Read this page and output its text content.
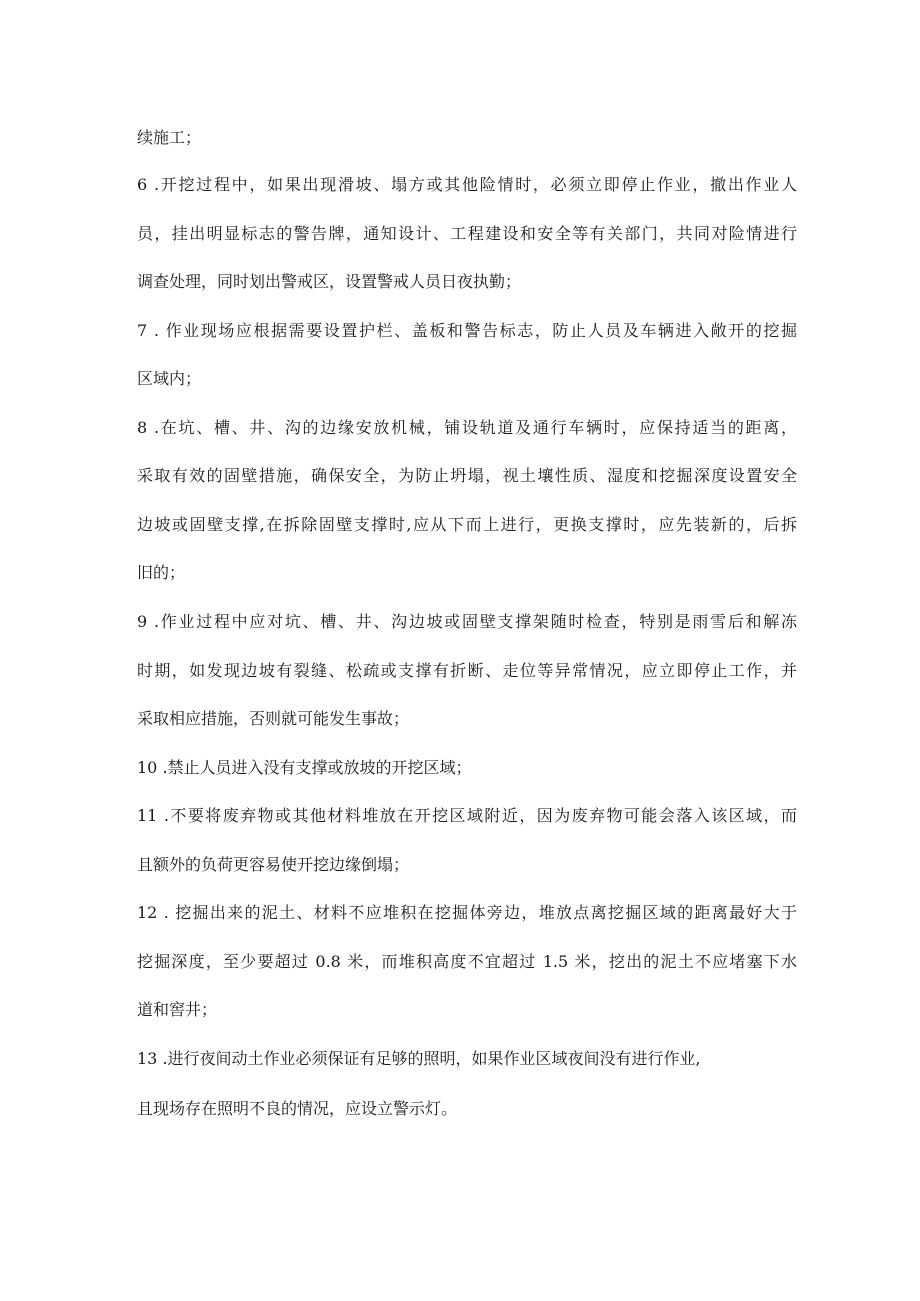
续施工；
6 .开挖过程中，如果出现滑坡、塌方或其他险情时，必须立即停止作业，撤出作业人
员，挂出明显标志的警告牌，通知设计、工程建设和安全等有关部门，共同对险情进行
调查处理，同时划出警戒区，设置警戒人员日夜执勤；
7 . 作业现场应根据需要设置护栏、盖板和警告标志，防止人员及车辆进入敞开的挖掘
区域内；
8 .在坑、槽、井、沟的边缘安放机械，铺设轨道及通行车辆时，应保持适当的距离，
采取有效的固壁措施，确保安全，为防止坍塌，视土壤性质、湿度和挖掘深度设置安全
边坡或固壁支撑,在拆除固壁支撑时,应从下而上进行，更换支撑时，应先装新的，后拆
旧的；
9 .作业过程中应对坑、槽、井、沟边坡或固壁支撑架随时检查，特别是雨雪后和解冻
时期，如发现边坡有裂缝、松疏或支撑有折断、走位等异常情况，应立即停止工作，并
采取相应措施，否则就可能发生事故；
10 .禁止人员进入没有支撑或放坡的开挖区域；
11 .不要将废弃物或其他材料堆放在开挖区域附近，因为废弃物可能会落入该区域，而
且额外的负荷更容易使开挖边缘倒塌；
12 . 挖掘出来的泥土、材料不应堆积在挖掘体旁边，堆放点离挖掘区域的距离最好大于
挖掘深度，至少要超过 0.8 米，而堆积高度不宜超过 1.5 米，挖出的泥土不应堵塞下水
道和窖井；
13 .进行夜间动土作业必须保证有足够的照明，如果作业区域夜间没有进行作业,
且现场存在照明不良的情况，应设立警示灯。
